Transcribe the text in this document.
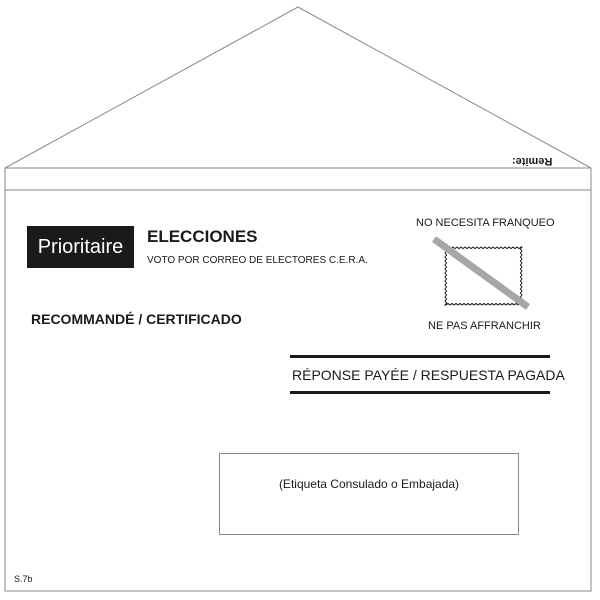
Remite:
Prioritaire	ELECCIONES
VOTO POR CORREO DE ELECTORES C.E.R.A.
RECOMMANDÉ / CERTIFICADO
NO NECESITA FRANQUEO
NE PAS AFFRANCHIR
RÉPONSE PAYÉE / RESPUESTA PAGADA
(Etiqueta Consulado o Embajada)
S.7b
